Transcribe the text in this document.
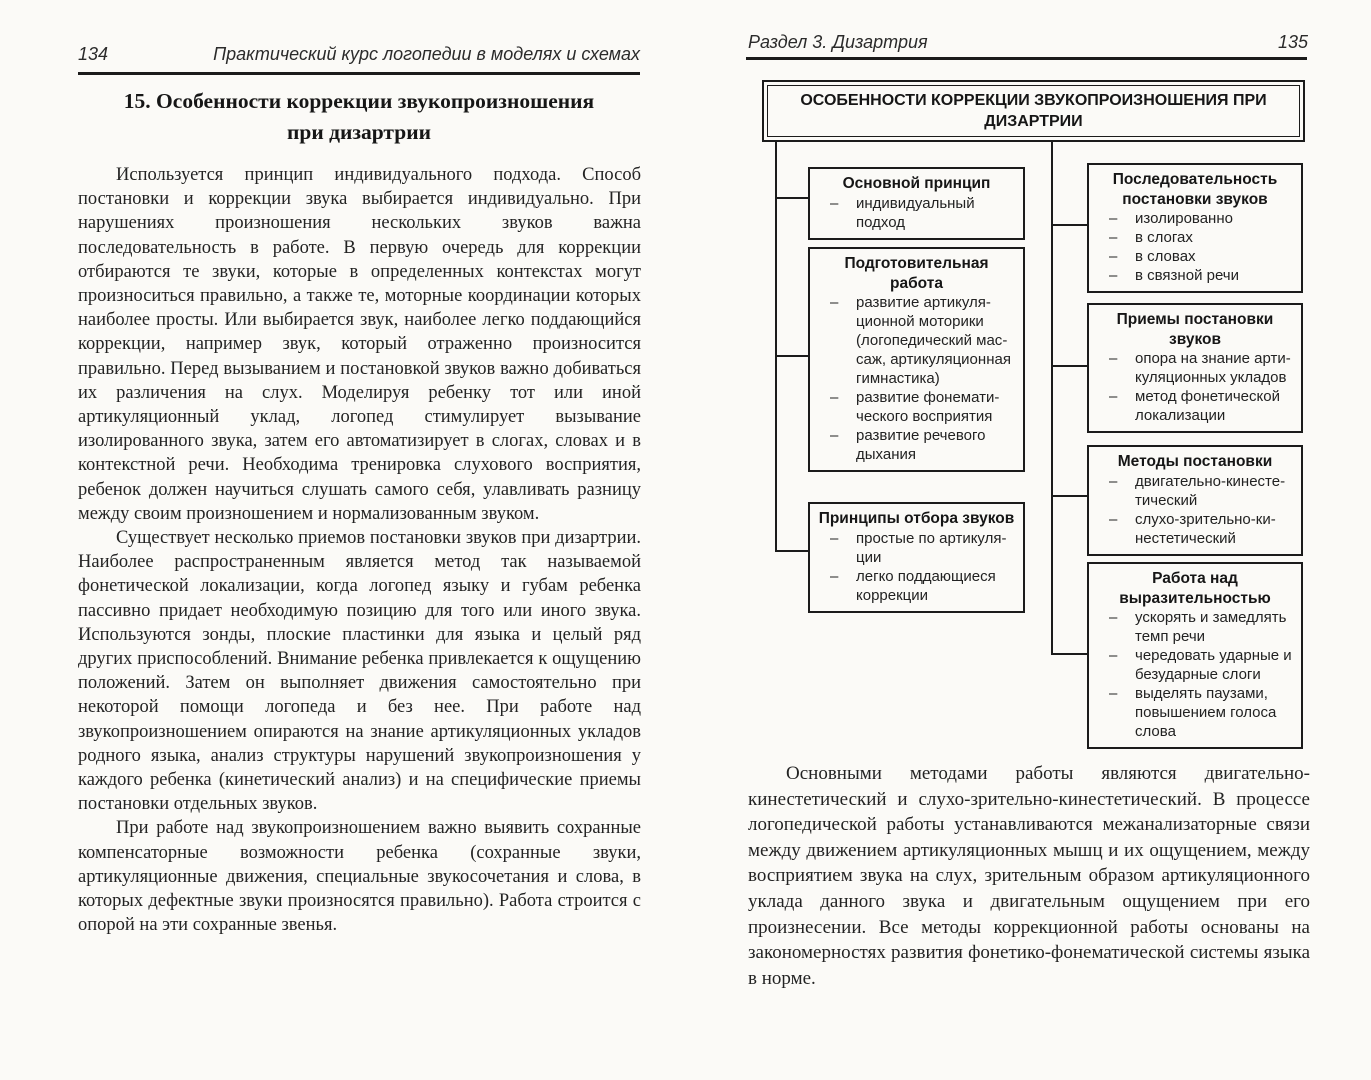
134	Практический курс логопедии в моделях и схемах
15. Особенности коррекции звукопроизношения
при дизартрии

Используется принцип индивидуального подхода. Способ постановки и коррекции звука выбирается индивидуально. При нарушениях произношения нескольких звуков важна последовательность в работе. В первую очередь для коррекции отбираются те звуки, которые в определенных контекстах могут произноситься правильно, а также те, моторные координации которых наиболее просты. Или выбирается звук, наиболее легко поддающийся коррекции, например звук, который отраженно произносится правильно. Перед вызыванием и постановкой звуков важно добиваться их различения на слух. Моделируя ребенку тот или иной артикуляционный уклад, логопед стимулирует вызывание изолированного звука, затем его автоматизирует в слогах, словах и в контекстной речи. Необходима тренировка слухового восприятия, ребенок должен научиться слушать самого себя, улавливать разницу между своим произношением и нормализованным звуком.

Существует несколько приемов постановки звуков при дизартрии. Наиболее распространенным является метод так называемой фонетической локализации, когда логопед языку и губам ребенка пассивно придает необходимую позицию для того или иного звука. Используются зонды, плоские пластинки для языка и целый ряд других приспособлений. Внимание ребенка привлекается к ощущению положений. Затем он выполняет движения самостоятельно при некоторой помощи логопеда и без нее. При работе над звукопроизношением опираются на знание артикуляционных укладов родного языка, анализ структуры нарушений звукопроизношения у каждого ребенка (кинетический анализ) и на специфические приемы постановки отдельных звуков.

При работе над звукопроизношением важно выявить сохранные компенсаторные возможности ребенка (сохранные звуки, артикуляционные движения, специальные звукосочетания и слова, в которых дефектные звуки произносятся правильно). Работа строится с опорой на эти сохранные звенья.

Раздел 3. Дизартрия	135
ОСОБЕННОСТИ КОРРЕКЦИИ ЗВУКОПРОИЗНОШЕНИЯ ПРИ ДИЗАРТРИИ
Основной принцип
– индивидуальный подход
Подготовительная работа
– развитие артикуляционной моторики (логопедический массаж, артикуляционная гимнастика)
– развитие фонематического восприятия
– развитие речевого дыхания
Принципы отбора звуков
– простые по артикуляции
– легко поддающиеся коррекции
Последовательность постановки звуков
– изолированно
– в слогах
– в словах
– в связной речи
Приемы постановки звуков
– опора на знание артикуляционных укладов
– метод фонетической локализации
Методы постановки
– двигательно-кинестетический
– слухо-зрительно-кинестетический
Работа над выразительностью
– ускорять и замедлять темп речи
– чередовать ударные и безударные слоги
– выделять паузами, повышением голоса слова

Основными методами работы являются двигательно-кинестетический и слухо-зрительно-кинестетический. В процессе логопедической работы устанавливаются межанализаторные связи между движением артикуляционных мышц и их ощущением, между восприятием звука на слух, зрительным образом артикуляционного уклада данного звука и двигательным ощущением при его произнесении. Все методы коррекционной работы основаны на закономерностях развития фонетико-фонематической системы языка в норме.
